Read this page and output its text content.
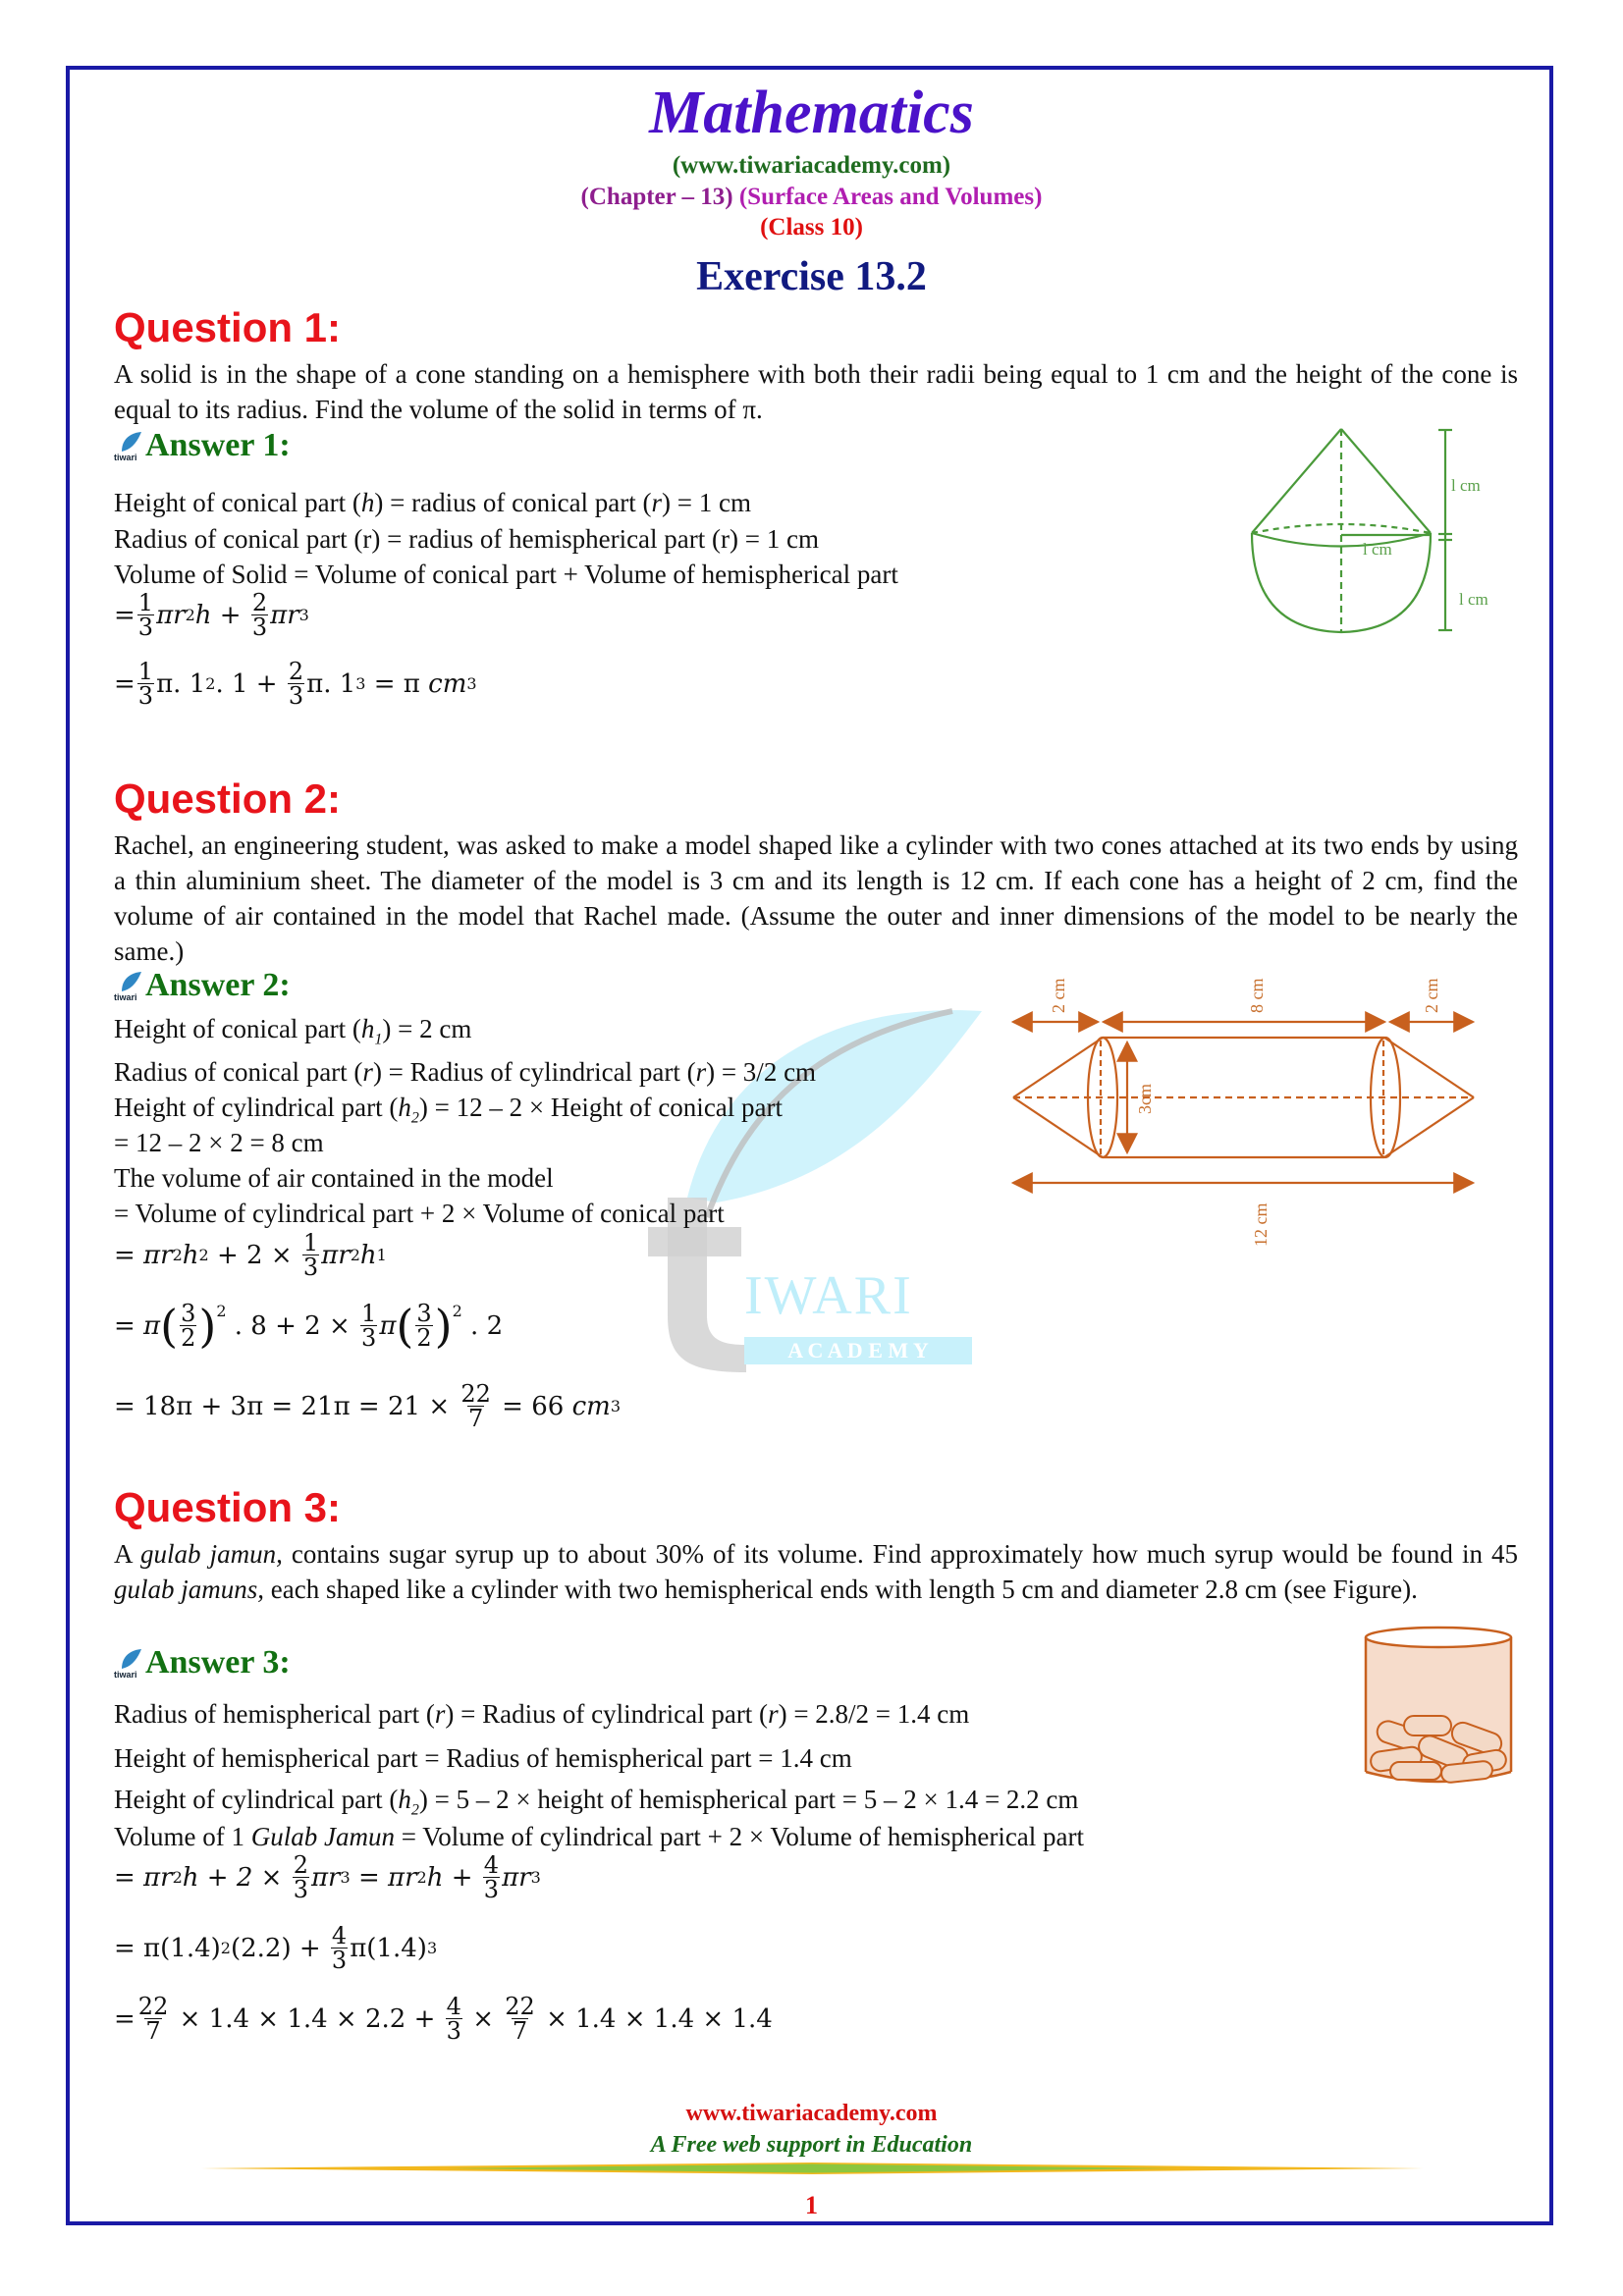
IWARI
A C A D E M Y
Mathematics
(www.tiwariacademy.com)
(Chapter – 13) (Surface Areas and Volumes)
(Class 10)
Exercise 13.2
Question 1:
A solid is in the shape of a cone standing on a hemisphere with both their radii being equal to 1 cm and the height of the cone is equal to its radius. Find the volume of the solid in terms of π.
tiwari Answer 1:
Height of conical part (h) = radius of conical part (r) = 1 cm
Radius of conical part (r) = radius of hemispherical part (r) = 1 cm
Volume of Solid = Volume of conical part + Volume of hemispherical part
= $\frac{1}{3}$ πr 2 $h + \frac{2}{3}$ πr 3
= $\frac{1}{3} \pi$. 1 2 . $1 + \frac{2}{3} \pi$. 1 3 = π cm 3
l cm
l cm
l cm
Question 2:
Rachel, an engineering student, was asked to make a model shaped like a cylinder with two cones attached at its two ends by using a thin aluminium sheet. The diameter of the model is 3 cm and its length is 12 cm. If each cone has a height of 2 cm, find the volume of air contained in the model that Rachel made. (Assume the outer and inner dimensions of the model to be nearly the same.)
tiwari Answer 2:
Height of conical part $(h_1) = 2$ cm
Radius of conical part (r) = Radius of cylindrical part (r) = 3/2 cm
Height of cylindrical part $(h_2) = 12 - 2$ × Height of conical part
= 12 – 2 × 2 = 8 cm
The volume of air contained in the model
= Volume of cylindrical part + 2 × Volume of conical part
= πr 2 h $2 + 2 \times \frac{1}{3}$ πr 2 h 1
= π ( $\frac{3}{2} )^2$ . $8 + 2 \times \frac{1}{3}$ π ( $\frac{3}{2} )^2$ . 2
= $18\pi + 3\pi = 21\pi = 21 \times \frac{22}{7} = 66$ cm 3
2 cm	8 cm	2 cm
3cm
12 cm
Question 3:
A gulab jamun, contains sugar syrup up to about 30% of its volume. Find approximately how much syrup would be found in 45 gulab jamuns, each shaped like a cylinder with two hemispherical ends with length 5 cm and diameter 2.8 cm (see Figure).
tiwari Answer 3:
Radius of hemispherical part (r) = Radius of cylindrical part (r) = 2.8/2 = 1.4 cm
Height of hemispherical part = Radius of hemispherical part = 1.4 cm
Height of cylindrical part $(h_2) = 5 - 2$ × height of hemispherical part = 5 – 2 × 1.4 = 2.2 cm
Volume of 1 Gulab Jamun = Volume of cylindrical part + 2 × Volume of hemispherical part
= πr 2 $h + 2 \times \frac{2}{3}$ πr 3 = πr 2 $h + \frac{4}{3}$ πr 3
= π(1.4) 2 $(2.2) + \frac{4}{3} \pi(1.4)$ 3
= $\frac{22}{7} \times 1.4 \times 1.4 \times 2.2 + \frac{4}{3} \times \frac{22}{7} \times 1.4 \times 1.4 \times 1.4$
www.tiwariacademy.com
A Free web support in Education
1
